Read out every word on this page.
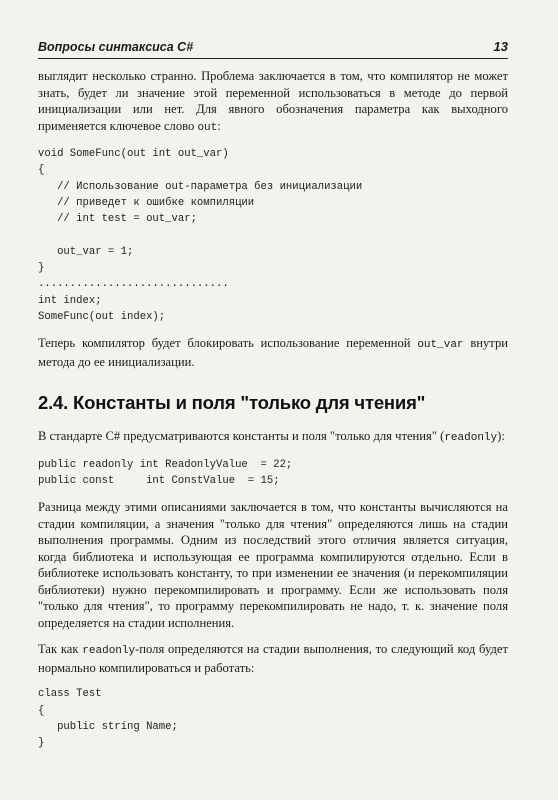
Вопросы синтаксиса C#	13

выглядит несколько странно. Проблема заключается в том, что компилятор не может знать, будет ли значение этой переменной использоваться в методе до первой инициализации или нет. Для явного обозначения параметра как выходного применяется ключевое слово out:

void SomeFunc(out int out_var)
{
// Использование out-параметра без инициализации
// приведет к ошибке компиляции
// int test = out_var;

out_var = 1;
}
..............................
int index;
SomeFunc(out index);

Теперь компилятор будет блокировать использование переменной out_var внутри метода до ее инициализации.

2.4. Константы и поля "только для чтения"

В стандарте C# предусматриваются константы и поля "только для чтения" (readonly):

public readonly int ReadonlyValue  = 22;
public const     int ConstValue  = 15;

Разница между этими описаниями заключается в том, что константы вычисляются на стадии компиляции, а значения "только для чтения" определяются лишь на стадии выполнения программы. Одним из последствий этого отличия является ситуация, когда библиотека и использующая ее программа компилируются отдельно. Если в библиотеке использовать константу, то при изменении ее значения (и перекомпиляции библиотеки) нужно перекомпилировать и программу. Если же использовать поля "только для чтения", то программу перекомпилировать не надо, т. к. значение поля определяется на стадии исполнения.

Так как readonly-поля определяются на стадии выполнения, то следующий код будет нормально компилироваться и работать:

class Test
{
public string Name;
}
